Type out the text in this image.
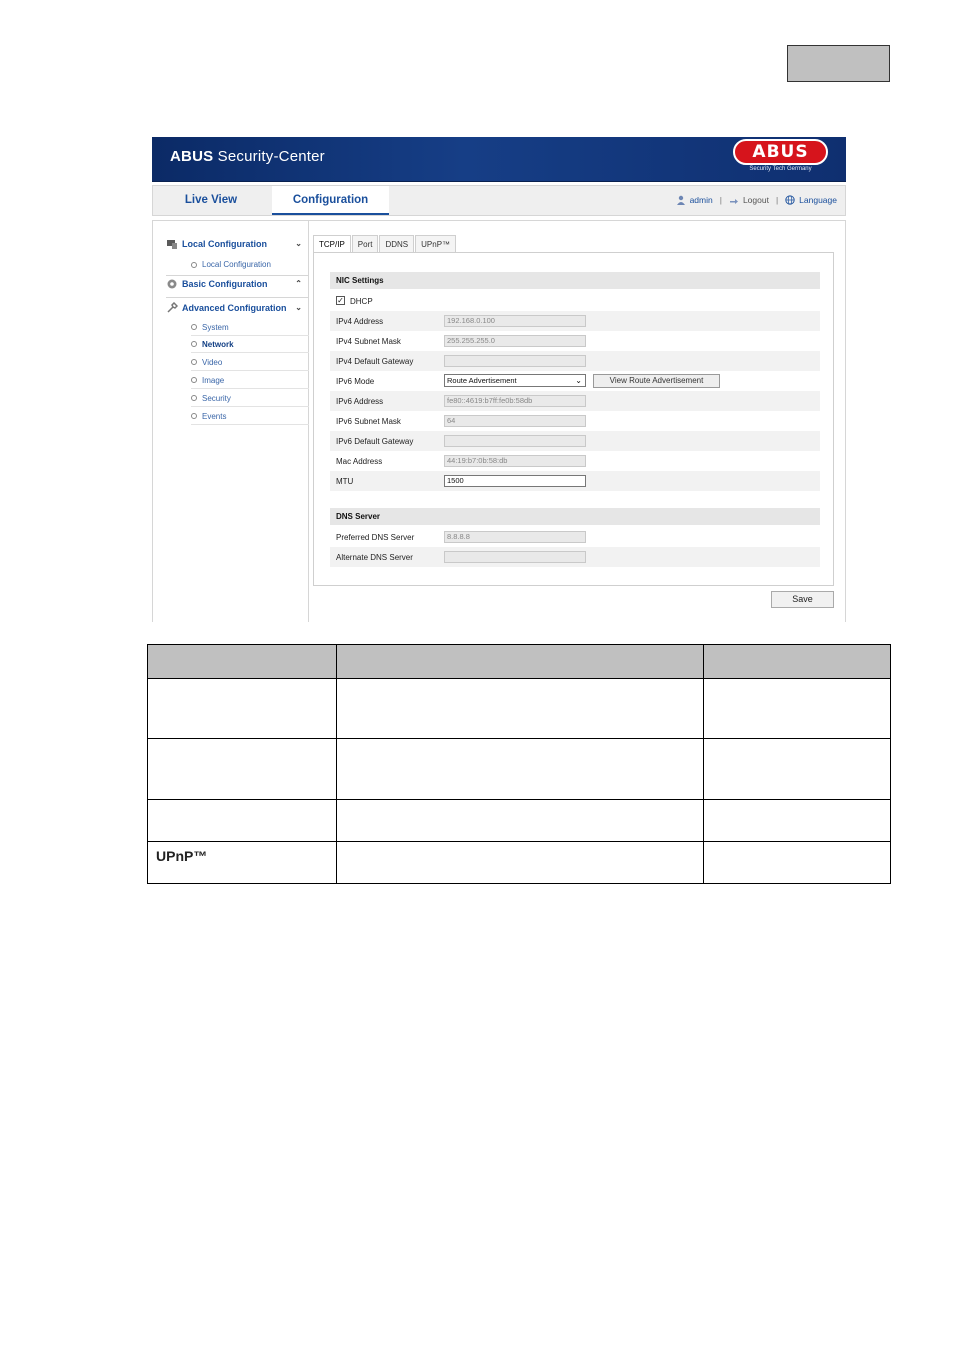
ABUS Security-Center	ABUS
Security Tech Germany
Live View	Configuration	admin | Logout | Language
Local Configuration	⌄
Local Configuration
Basic Configuration	⌃
Advanced Configuration ⌄
System
Network
Video
Image
Security
Events
TCP/IP	Port	DDNS	UPnP™
NIC Settings
✓ DHCP
IPv4 Address	192.168.0.100
IPv4 Subnet Mask	255.255.255.0
IPv4 Default Gateway
IPv6 Mode	Route Advertisement	⌄	View Route Advertisement
IPv6 Address	fe80::4619:b7ff:fe0b:58db
IPv6 Subnet Mask	64
IPv6 Default Gateway
Mac Address	44:19:b7:0b:58:db
MTU	1500
DNS Server
Preferred DNS Server	8.8.8.8
Alternate DNS Server
Save

UPnP™		
